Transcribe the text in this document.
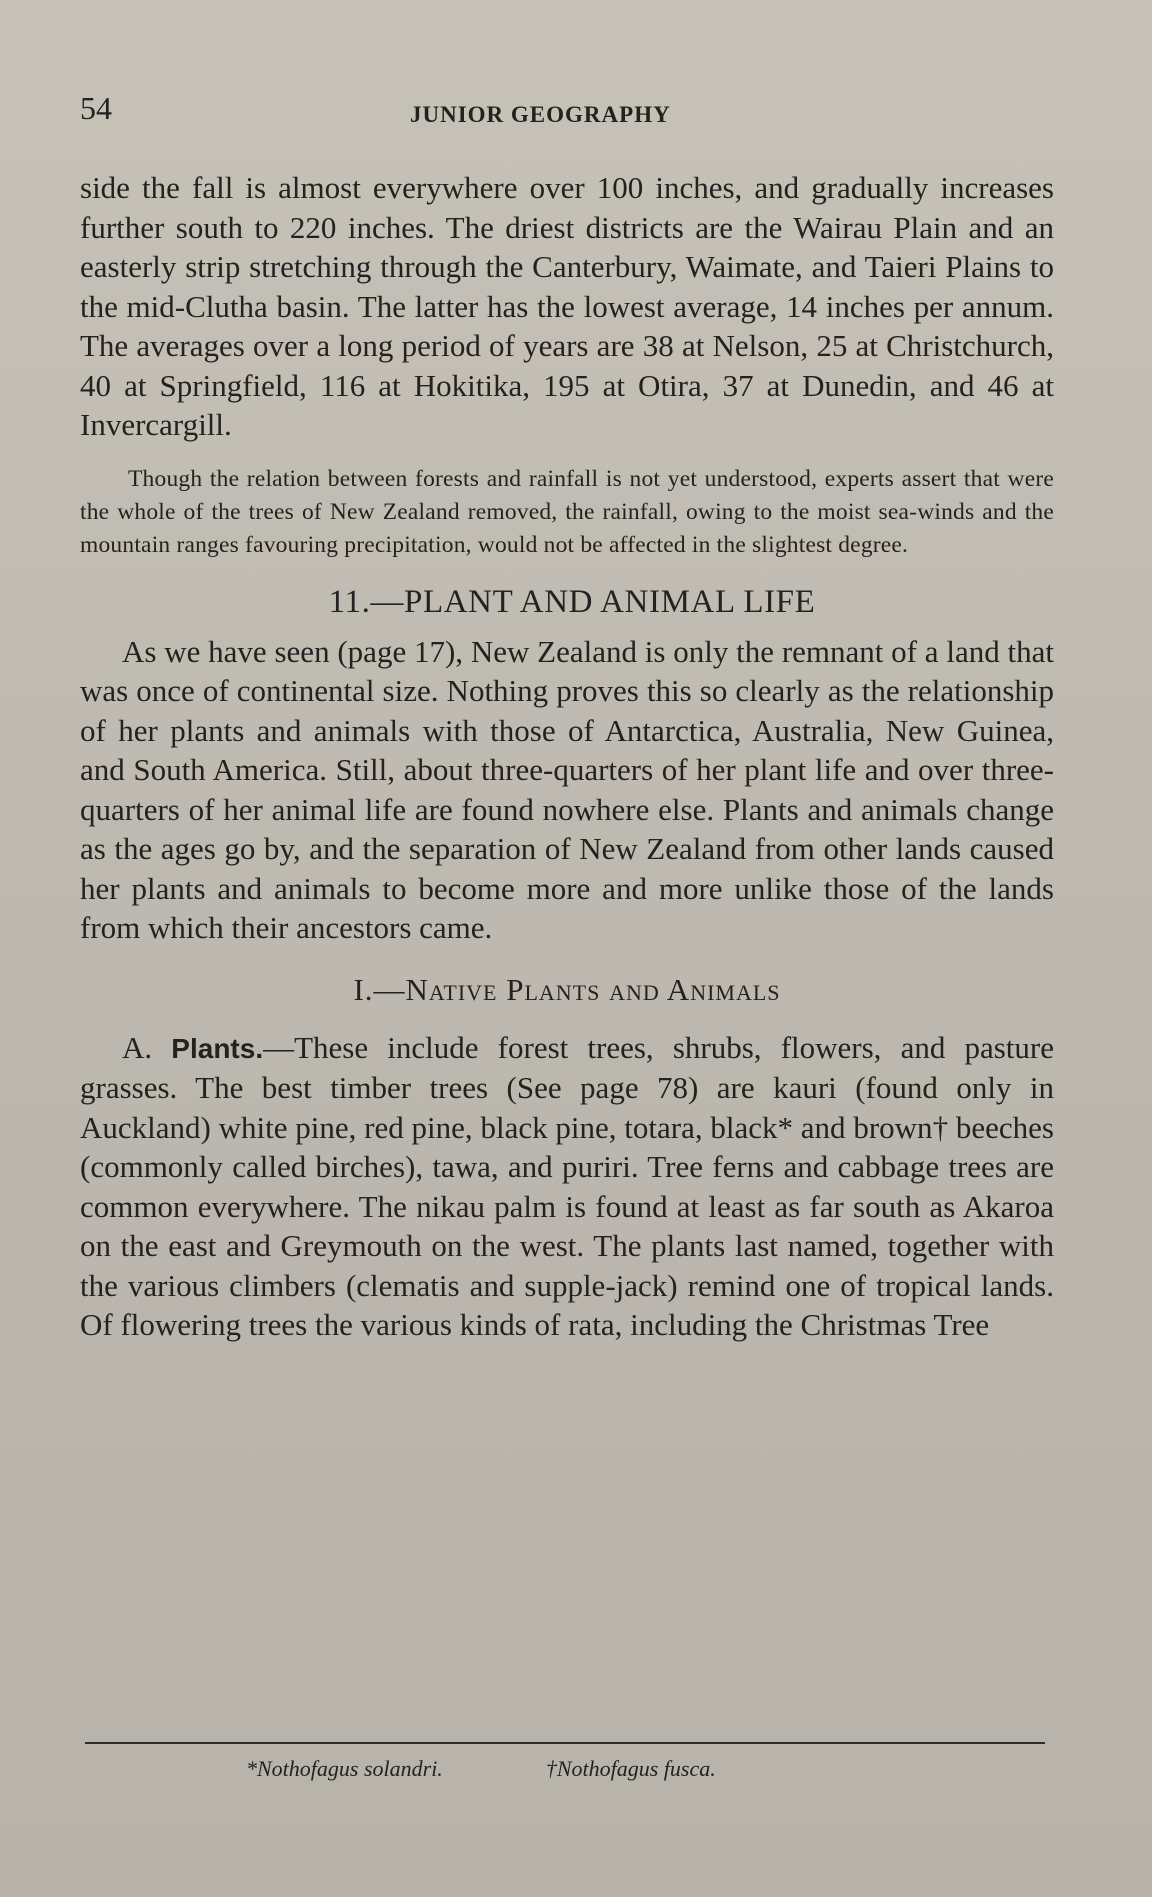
54	JUNIOR GEOGRAPHY

side the fall is almost everywhere over 100 inches, and gradually increases further south to 220 inches. The driest districts are the Wairau Plain and an easterly strip stretching through the Canterbury, Waimate, and Taieri Plains to the mid-Clutha basin. The latter has the lowest average, 14 inches per annum. The averages over a long period of years are 38 at Nelson, 25 at Christchurch, 40 at Springfield, 116 at Hokitika, 195 at Otira, 37 at Dunedin, and 46 at Invercargill.

Though the relation between forests and rainfall is not yet understood, experts assert that were the whole of the trees of New Zealand removed, the rainfall, owing to the moist sea-winds and the mountain ranges favouring precipitation, would not be affected in the slightest degree.

11.—PLANT AND ANIMAL LIFE

As we have seen (page 17), New Zealand is only the remnant of a land that was once of continental size. Nothing proves this so clearly as the relationship of her plants and animals with those of Antarctica, Australia, New Guinea, and South America. Still, about three-quarters of her plant life and over three-quarters of her animal life are found nowhere else. Plants and animals change as the ages go by, and the separation of New Zealand from other lands caused her plants and animals to become more and more unlike those of the lands from which their ancestors came.

I.—Native Plants and Animals

A. Plants.—These include forest trees, shrubs, flowers, and pasture grasses. The best timber trees (See page 78) are kauri (found only in Auckland) white pine, red pine, black pine, totara, black* and brown† beeches (commonly called birches), tawa, and puriri. Tree ferns and cabbage trees are common everywhere. The nikau palm is found at least as far south as Akaroa on the east and Greymouth on the west. The plants last named, together with the various climbers (clematis and supple-jack) remind one of tropical lands. Of flowering trees the various kinds of rata, including the Christmas Tree

*Nothofagus solandri.	†Nothofagus fusca.
